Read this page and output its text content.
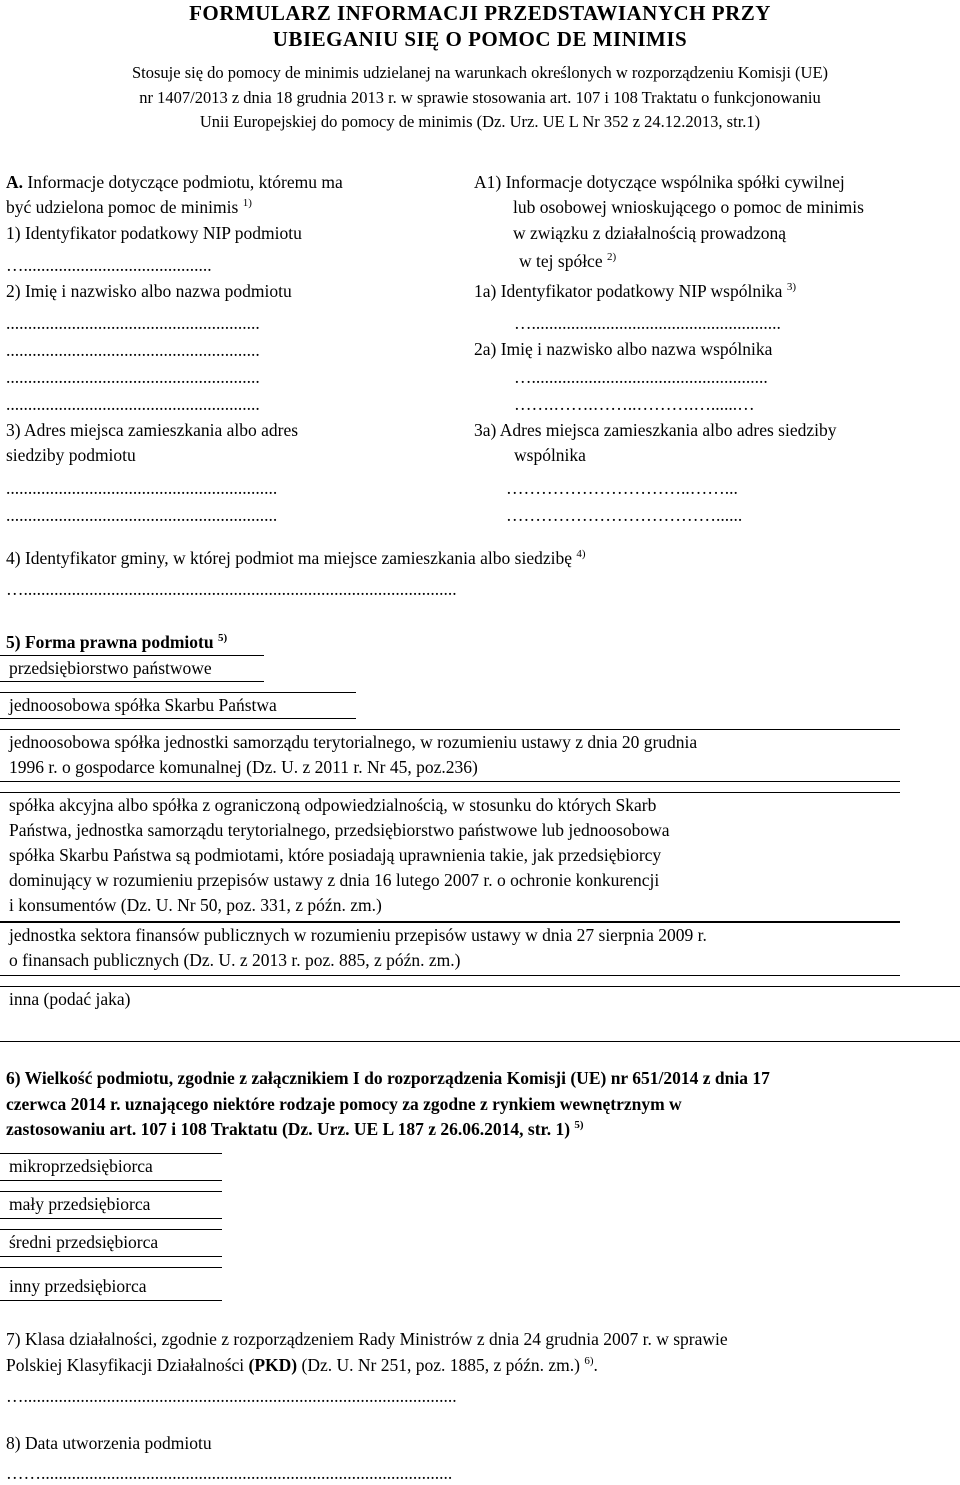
FORMULARZ INFORMACJI PRZEDSTAWIANYCH PRZY
UBIEGANIU SIĘ O POMOC DE MINIMIS
Stosuje się do pomocy de minimis udzielanej na warunkach określonych w rozporządzeniu Komisji (UE)
nr 1407/2013 z dnia 18 grudnia 2013 r. w sprawie stosowania art. 107 i 108 Traktatu o funkcjonowaniu
Unii Europejskiej do pomocy de minimis (Dz. Urz. UE L Nr 352 z 24.12.2013, str.1)
A. Informacje dotyczące podmiotu, któremu ma
być udzielona pomoc de minimis $^{1)}$
1) Identyfikator podatkowy NIP podmiotu
…...........................................
2) Imię i nazwisko albo nazwa podmiotu
..........................................................
..........................................................
..........................................................
..........................................................
3) Adres miejsca zamieszkania albo adres
siedziby podmiotu
..............................................................
..............................................................
A1) Informacje dotyczące wspólnika spółki cywilnej
lub osobowej wnioskującego o pomoc de minimis
w związku z działalnością prowadzoną
w tej spółce $^{2)}$
1a) Identyfikator podatkowy NIP wspólnika $^{3)}$
….........................................................
2a) Imię i nazwisko albo nazwa wspólnika
…......................................................
…….…….……..……….…......…
3a) Adres miejsca zamieszkania albo adres siedziby
wspólnika
…………………………..……...
………………………………......
4) Identyfikator gminy, w której podmiot ma miejsce zamieszkania albo siedzibę $^{4)}$
…...................................................................................................
5) Forma prawna podmiotu $^{5)}$
przedsiębiorstwo państwowe
jednoosobowa spółka Skarbu Państwa
jednoosobowa spółka jednostki samorządu terytorialnego, w rozumieniu ustawy z dnia 20 grudnia
1996 r. o gospodarce komunalnej (Dz. U. z 2011 r. Nr 45, poz.236)
spółka akcyjna albo spółka z ograniczoną odpowiedzialnością, w stosunku do których Skarb
Państwa, jednostka samorządu terytorialnego, przedsiębiorstwo państwowe lub jednoosobowa
spółka Skarbu Państwa są podmiotami, które posiadają uprawnienia takie, jak przedsiębiorcy
dominujący w rozumieniu przepisów ustawy z dnia 16 lutego 2007 r. o ochronie konkurencji
i konsumentów (Dz. U. Nr 50, poz. 331, z późn. zm.)
jednostka sektora finansów publicznych w rozumieniu przepisów ustawy w dnia 27 sierpnia 2009 r.
o finansach publicznych (Dz. U. z 2013 r. poz. 885, z późn. zm.)
inna (podać jaka)
6) Wielkość podmiotu, zgodnie z załącznikiem I do rozporządzenia Komisji (UE) nr 651/2014 z dnia 17
czerwca 2014 r. uznającego niektóre rodzaje pomocy za zgodne z rynkiem wewnętrznym w
zastosowaniu art. 107 i 108 Traktatu (Dz. Urz. UE L 187 z 26.06.2014, str. 1) $^{5)}$
mikroprzedsiębiorca
mały przedsiębiorca
średni przedsiębiorca
inny przedsiębiorca
7) Klasa działalności, zgodnie z rozporządzeniem Rady Ministrów z dnia 24 grudnia 2007 r. w sprawie
Polskiej Klasyfikacji Działalności (PKD) (Dz. U. Nr 251, poz. 1885, z późn. zm.) $^{6)}$.
…...................................................................................................
8) Data utworzenia podmiotu
……..............................................................................................
